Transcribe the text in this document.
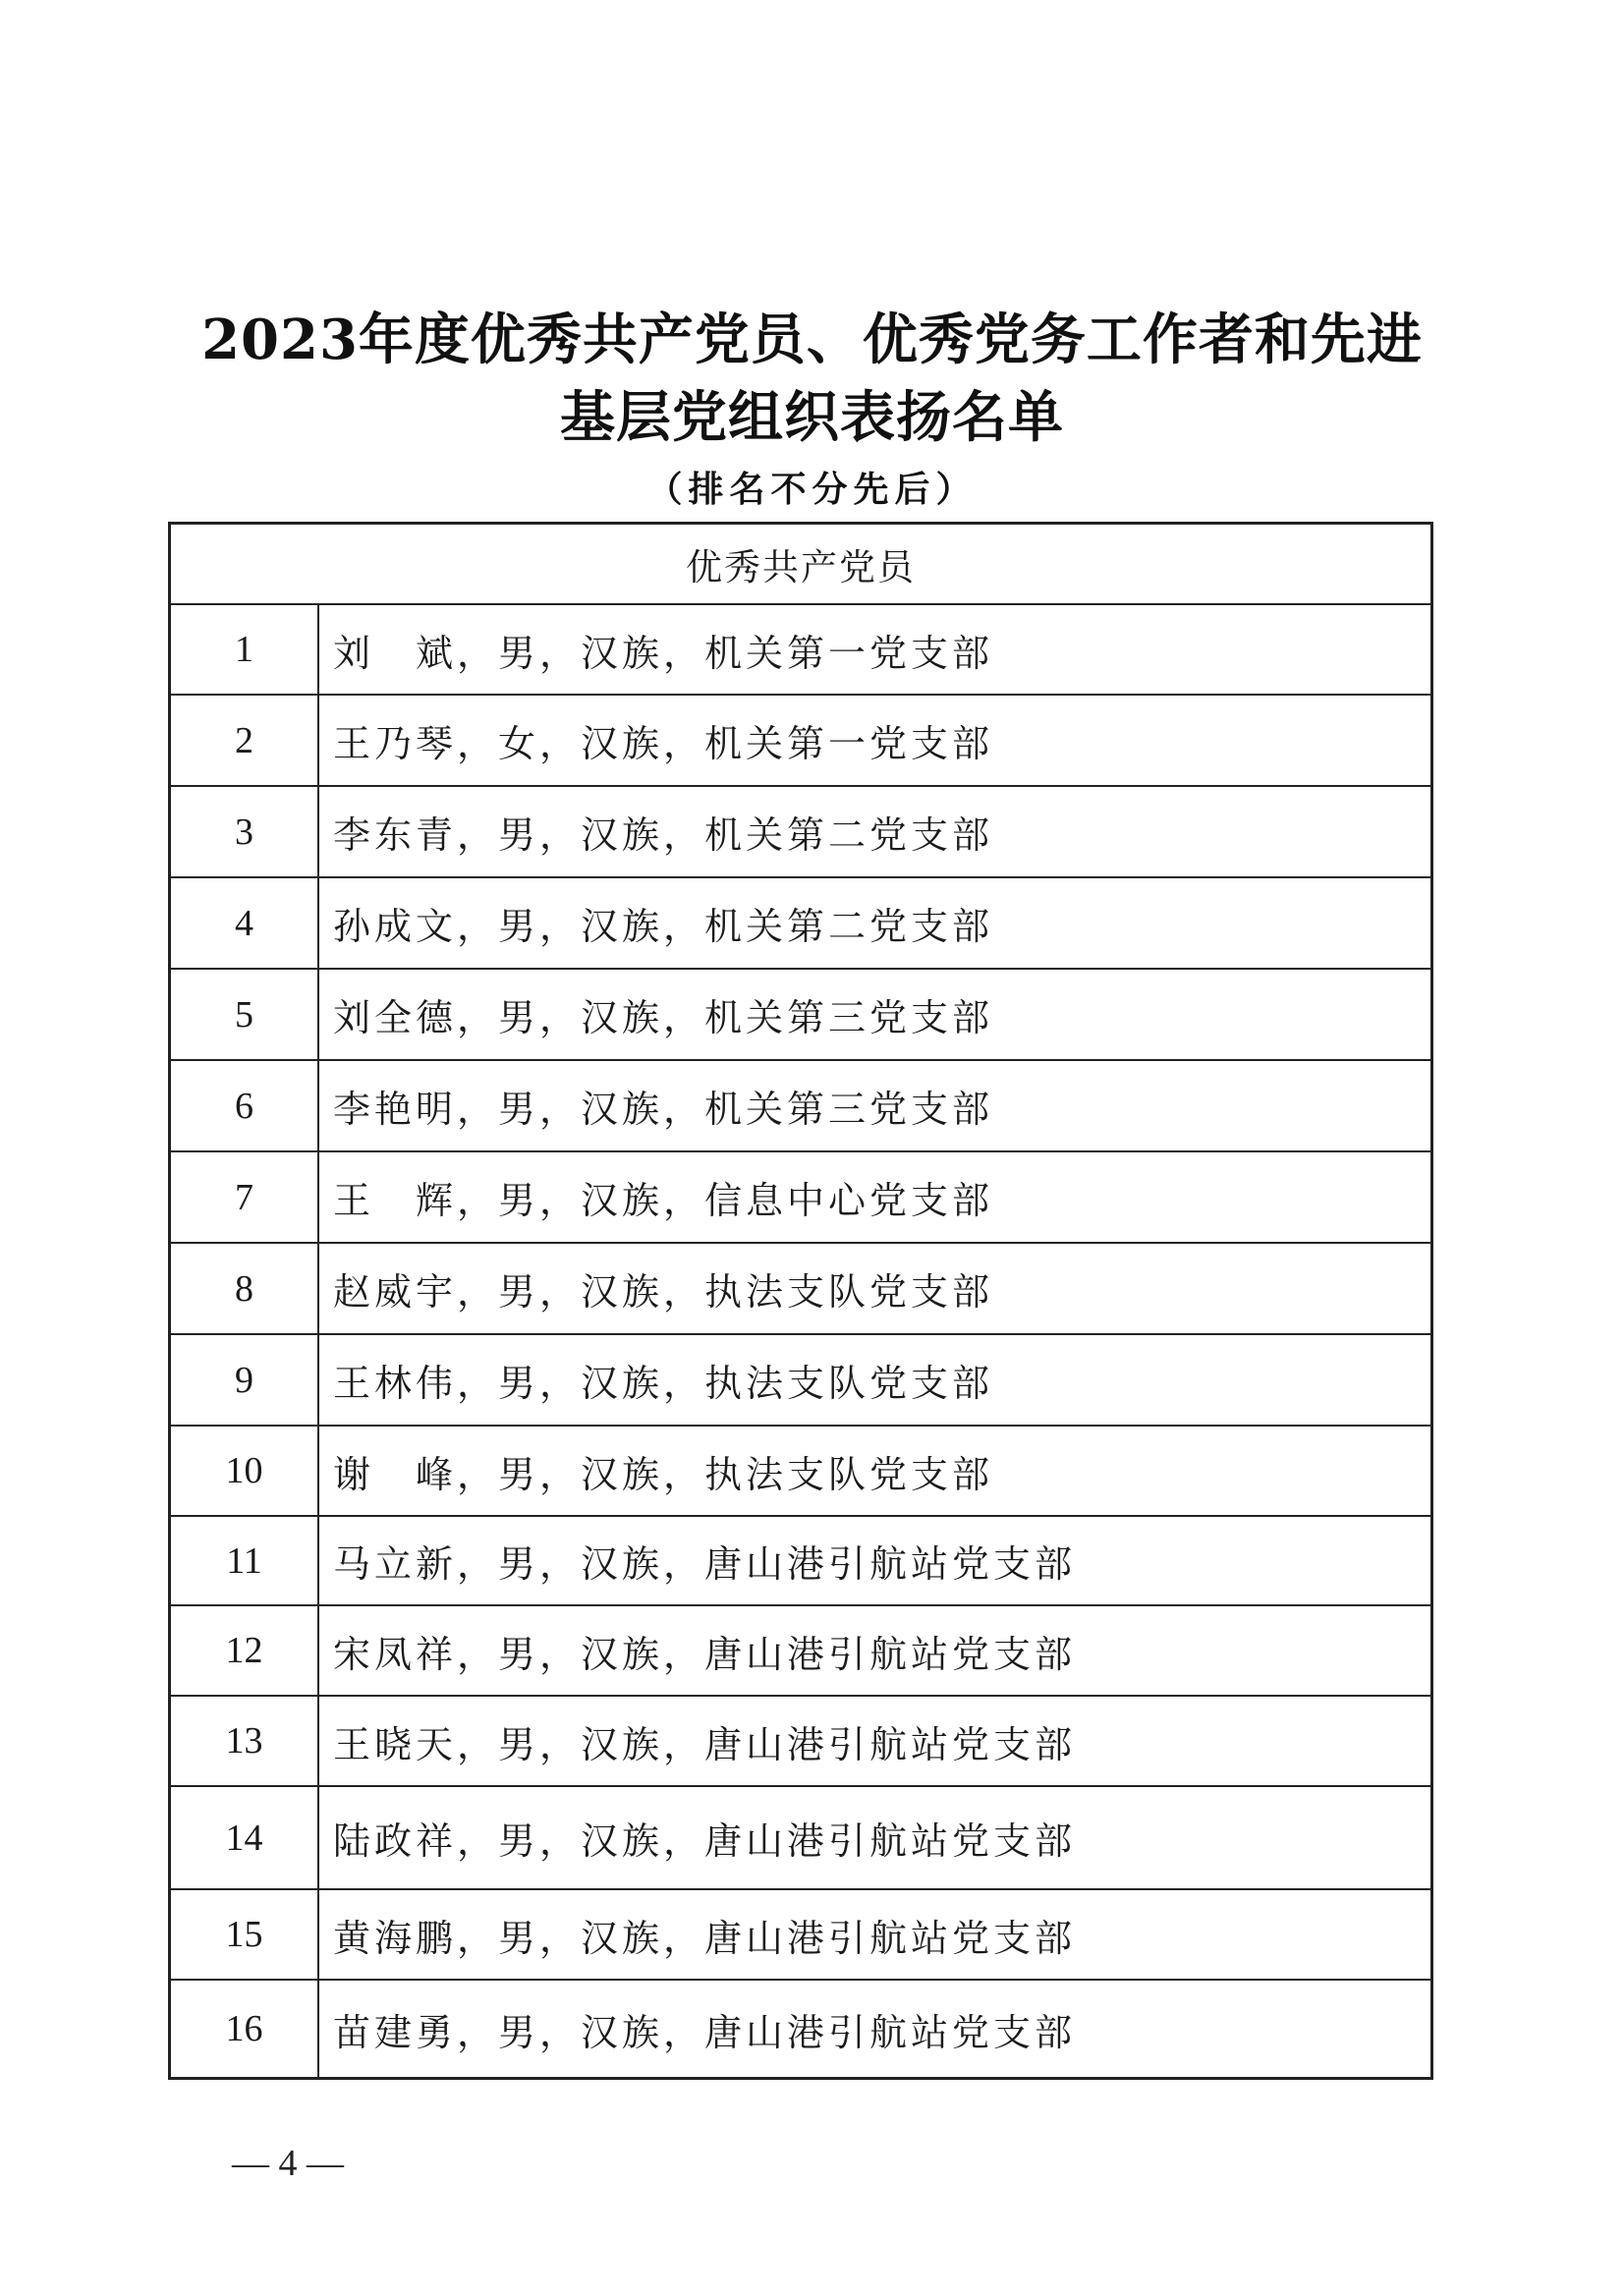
2023年度优秀共产党员、优秀党务工作者和先进
基层党组织表扬名单
（排名不分先后）
优秀共产党员
1	刘　斌，男，汉族，机关第一党支部
2	王乃琴，女，汉族，机关第一党支部
3	李东青，男，汉族，机关第二党支部
4	孙成文，男，汉族，机关第二党支部
5	刘全德，男，汉族，机关第三党支部
6	李艳明，男，汉族，机关第三党支部
7	王　辉，男，汉族，信息中心党支部
8	赵威宇，男，汉族，执法支队党支部
9	王林伟，男，汉族，执法支队党支部
10	谢　峰，男，汉族，执法支队党支部
11	马立新，男，汉族，唐山港引航站党支部
12	宋凤祥，男，汉族，唐山港引航站党支部
13	王晓天，男，汉族，唐山港引航站党支部
14	陆政祥，男，汉族，唐山港引航站党支部
15	黄海鹏，男，汉族，唐山港引航站党支部
16	苗建勇，男，汉族，唐山港引航站党支部
— 4 —
